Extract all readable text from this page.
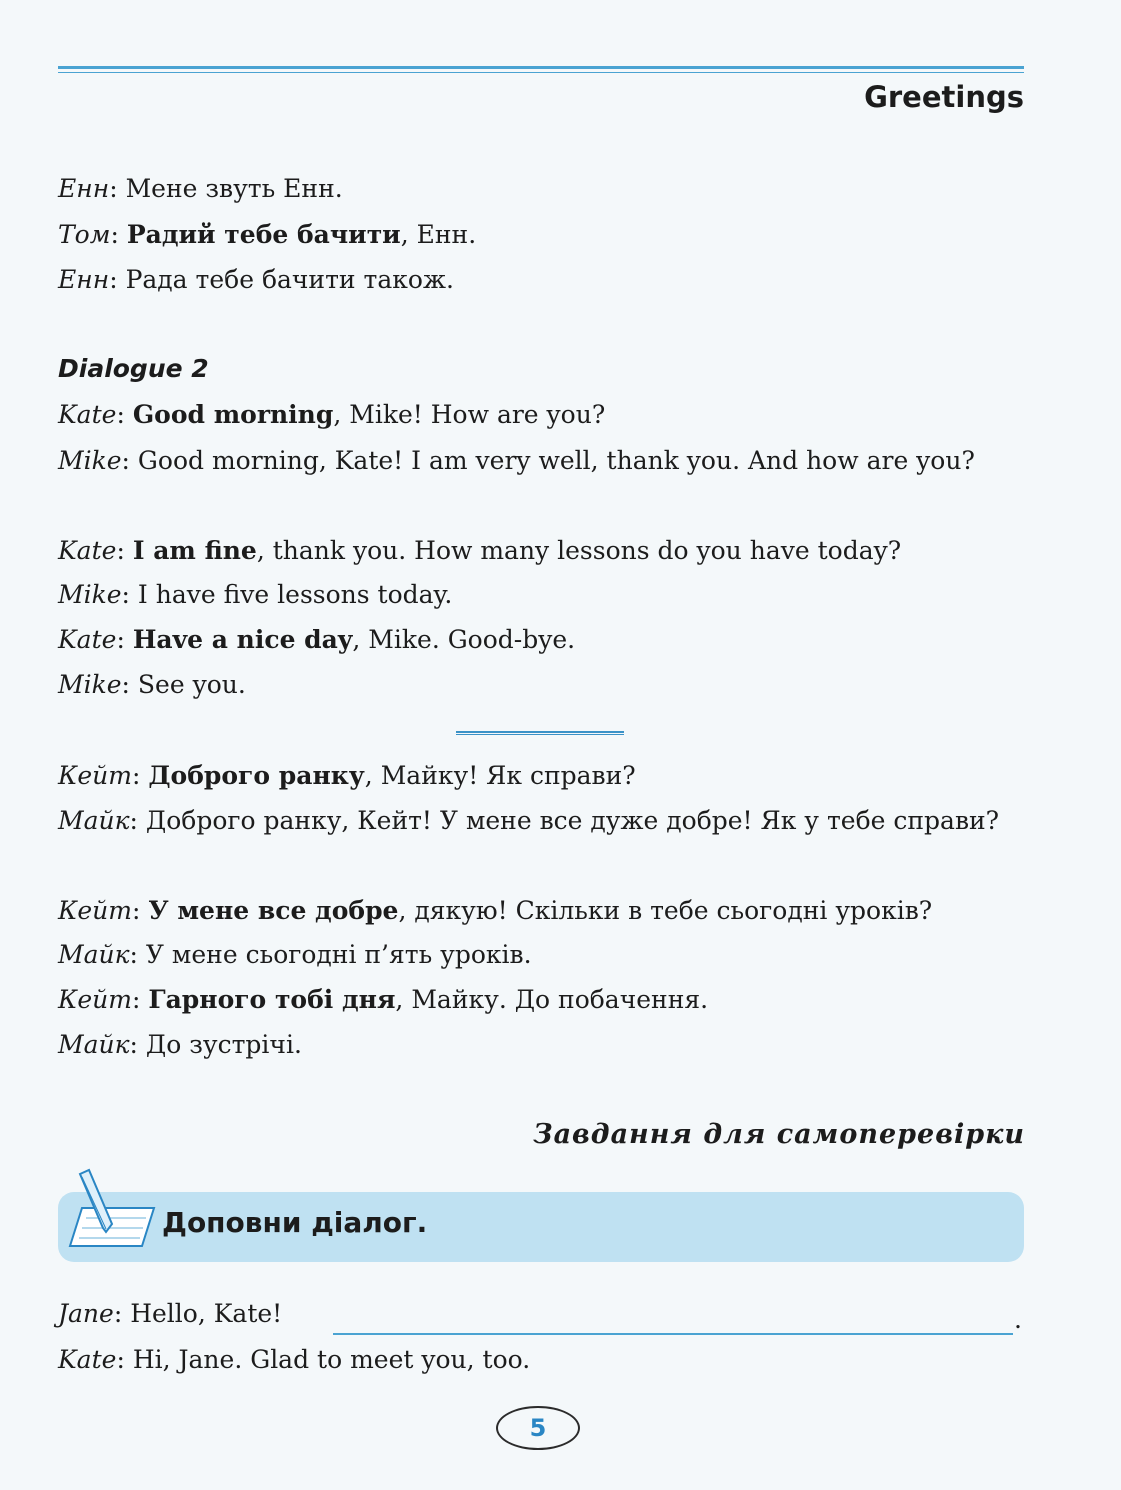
Greetings
Енн: Мене звуть Енн.
Том: Радий тебе бачити, Енн.
Енн: Рада тебе бачити також.
Dialogue 2
Kate: Good morning, Mike! How are you?
Mike: Good morning, Kate! I am very well, thank you. And how are you?
Kate: I am fine, thank you. How many lessons do you have today?
Mike: I have five lessons today.
Kate: Have a nice day, Mike. Good-bye.
Mike: See you.
Кейт: Доброго ранку, Майку! Як справи?
Майк: Доброго ранку, Кейт! У мене все дуже добре! Як у тебе справи?
Кейт: У мене все добре, дякую! Скільки в тебе сьогодні уроків?
Майк: У мене сьогодні п’ять уроків.
Кейт: Гарного тобі дня, Майку. До побачення.
Майк: До зустрічі.
Завдання для самоперевірки
Доповни діалог.
Jane: Hello, Kate!	.
Kate: Hi, Jane. Glad to meet you, too.
5
